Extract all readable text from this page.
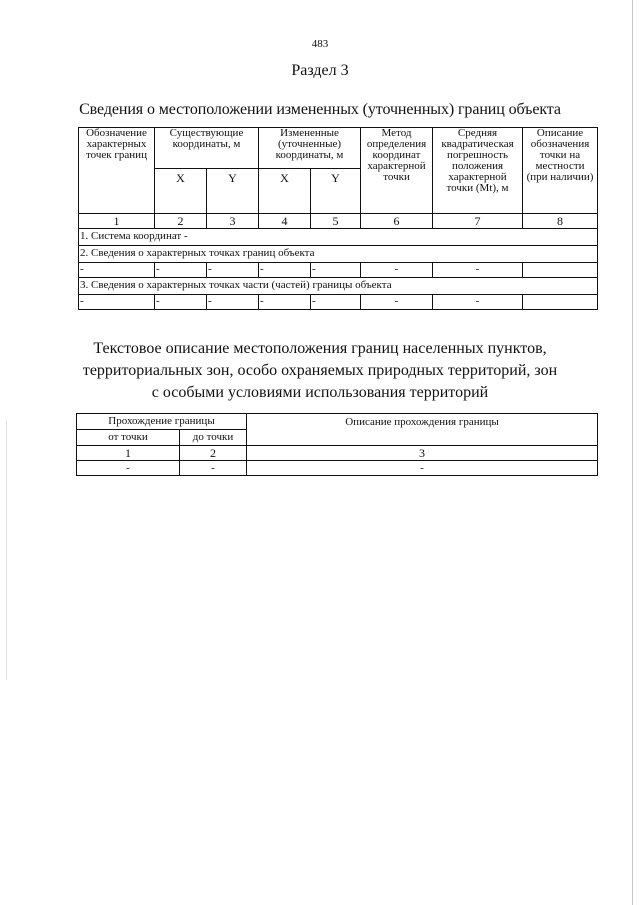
483
Раздел 3
Сведения о местоположении измененных (уточненных) границ объекта
Обозначение характерных точек границ	Существующие координаты, м		Измененные (уточненные) координаты, м		Метод определения координат характерной точки	Средняя квадратическая погрешность положения характерной точки (Mt), м	Описание обозначения точки на местности (при наличии)
	X	Y	X	Y			
1	2	3	4	5	6	7	8
1. Система координат -							
2. Сведения о характерных точках границ объекта							
-	-	-	-	-	-	-	
3. Сведения о характерных точках части (частей) границы объекта							
-	-	-	-	-	-	-	
Текстовое описание местоположения границ населенных пунктов,
территориальных зон, особо охраняемых природных территорий, зон
с особыми условиями использования территорий
Прохождение границы		Описание прохождения границы
от точки	до точки	
1	2	3
-	-	-
